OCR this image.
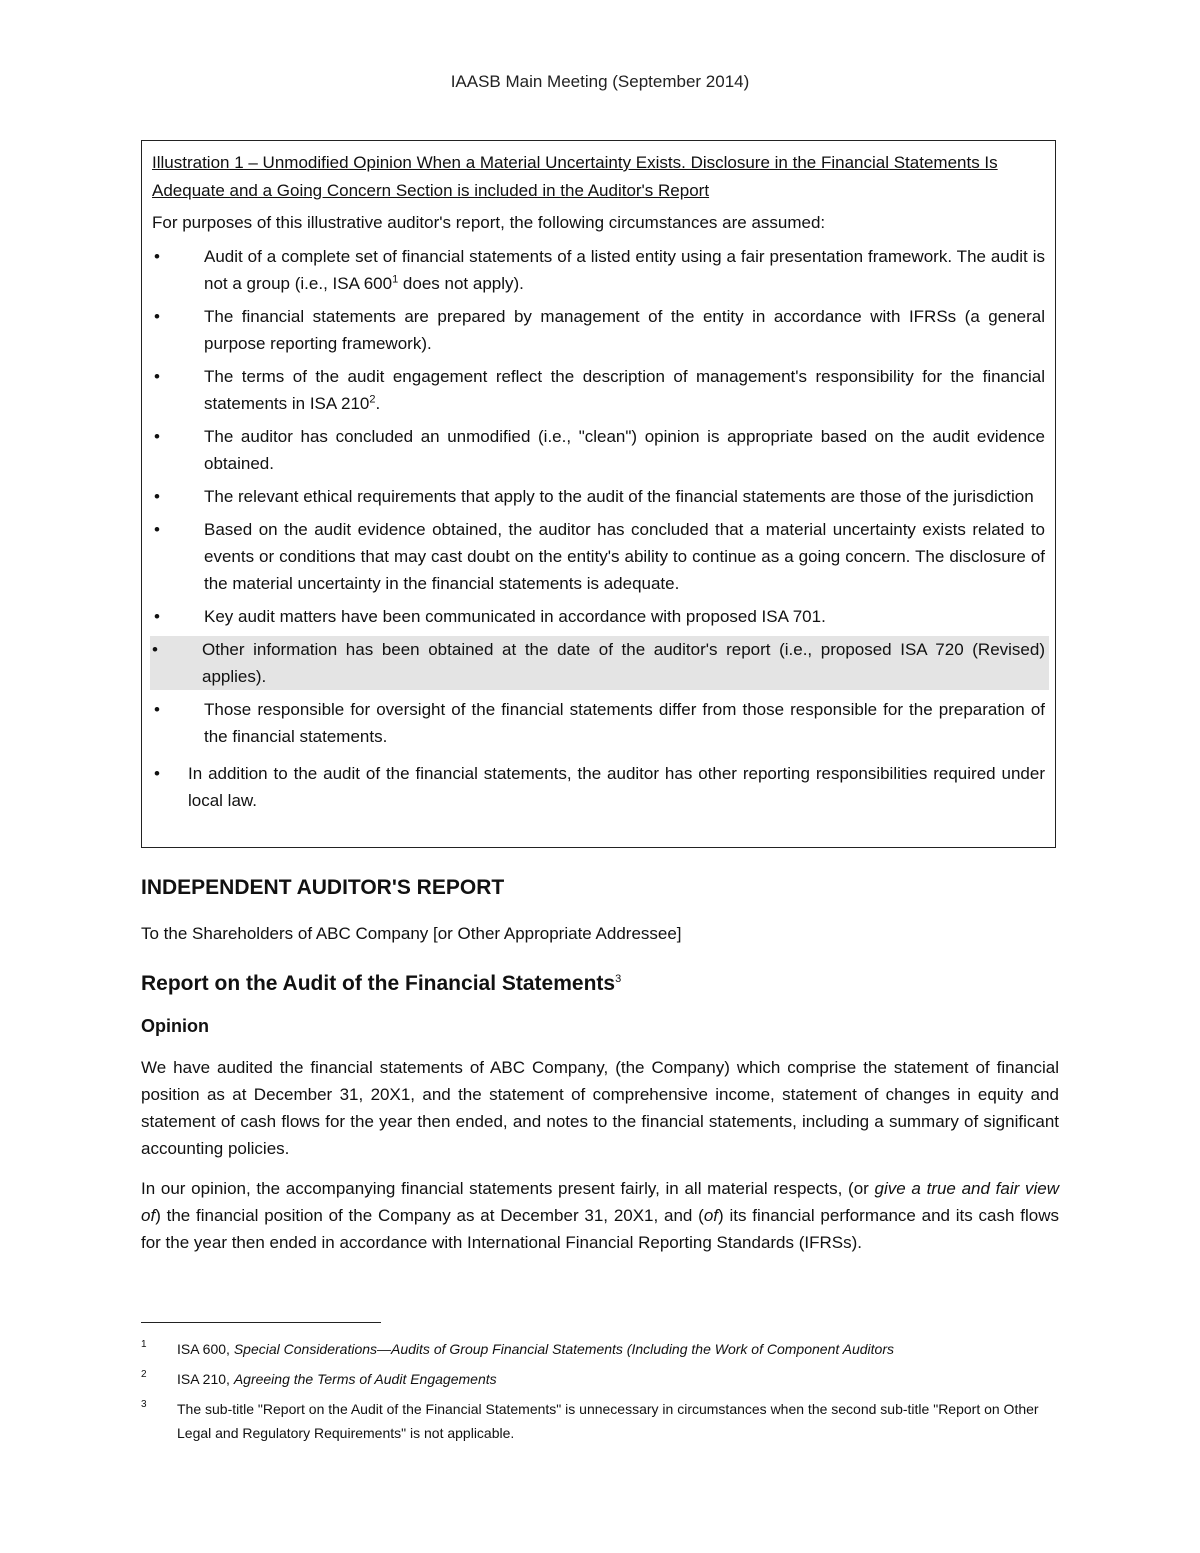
IAASB Main Meeting (September 2014)

Illustration 1 – Unmodified Opinion When a Material Uncertainty Exists. Disclosure in the Financial Statements Is Adequate and a Going Concern Section is included in the Auditor's Report

For purposes of this illustrative auditor's report, the following circumstances are assumed:

•	Audit of a complete set of financial statements of a listed entity using a fair presentation framework. The audit is not a group (i.e., ISA 600$^1$ does not apply).
•	The financial statements are prepared by management of the entity in accordance with IFRSs (a general purpose reporting framework).
•	The terms of the audit engagement reflect the description of management's responsibility for the financial statements in ISA 210$^2$.
•	The auditor has concluded an unmodified (i.e., "clean") opinion is appropriate based on the audit evidence obtained.
•	The relevant ethical requirements that apply to the audit of the financial statements are those of the jurisdiction
•	Based on the audit evidence obtained, the auditor has concluded that a material uncertainty exists related to events or conditions that may cast doubt on the entity's ability to continue as a going concern. The disclosure of the material uncertainty in the financial statements is adequate.
•	Key audit matters have been communicated in accordance with proposed ISA 701.
•	Other information has been obtained at the date of the auditor's report (i.e., proposed ISA 720 (Revised) applies).
•	Those responsible for oversight of the financial statements differ from those responsible for the preparation of the financial statements.
• In addition to the audit of the financial statements, the auditor has other reporting responsibilities required under local law.
INDEPENDENT AUDITOR'S REPORT

To the Shareholders of ABC Company [or Other Appropriate Addressee]

Report on the Audit of the Financial Statements$^3$
Opinion

We have audited the financial statements of ABC Company, (the Company) which comprise the statement of financial position as at December 31, 20X1, and the statement of comprehensive income, statement of changes in equity and statement of cash flows for the year then ended, and notes to the financial statements, including a summary of significant accounting policies.

In our opinion, the accompanying financial statements present fairly, in all material respects, (or give a true and fair view of) the financial position of the Company as at December 31, 20X1, and (of) its financial performance and its cash flows for the year then ended in accordance with International Financial Reporting Standards (IFRSs).

1	ISA 600, Special Considerations—Audits of Group Financial Statements (Including the Work of Component Auditors

2	ISA 210, Agreeing the Terms of Audit Engagements

3	The sub-title "Report on the Audit of the Financial Statements" is unnecessary in circumstances when the second sub-title "Report on Other Legal and Regulatory Requirements" is not applicable.
